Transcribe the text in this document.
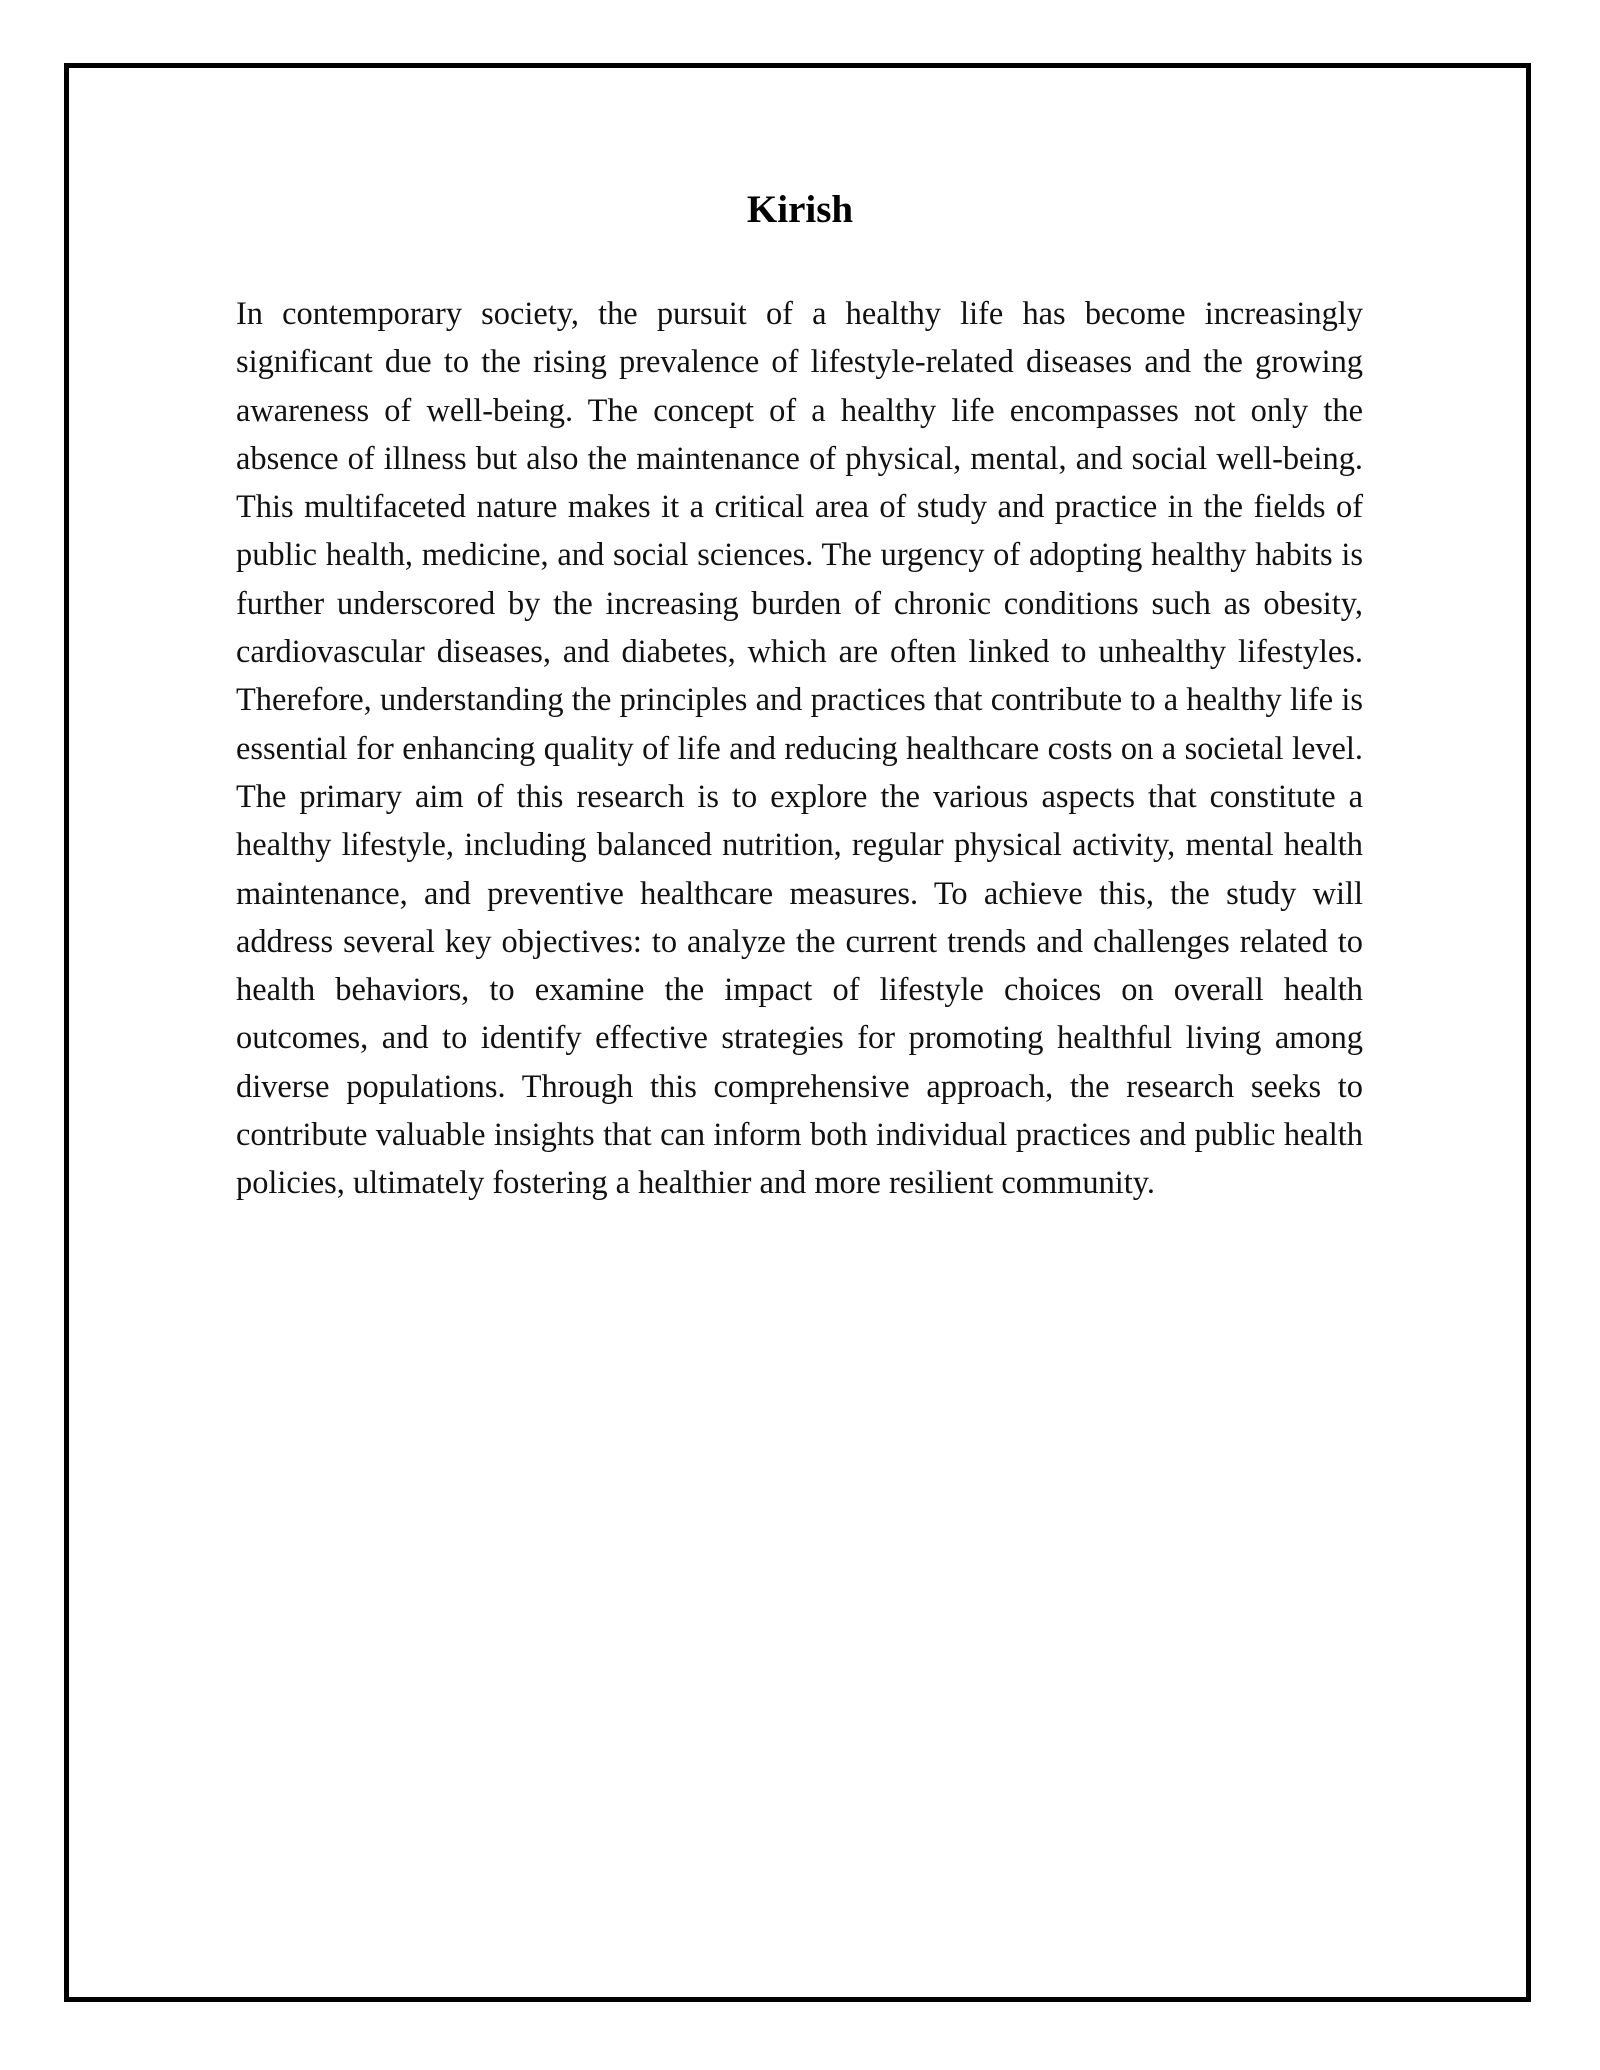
Kirish

In contemporary society, the pursuit of a healthy life has become increasingly significant due to the rising prevalence of lifestyle-related diseases and the growing awareness of well-being. The concept of a healthy life encompasses not only the absence of illness but also the maintenance of physical, mental, and social well-being. This multifaceted nature makes it a critical area of study and practice in the fields of public health, medicine, and social sciences. The urgency of adopting healthy habits is further underscored by the increasing burden of chronic conditions such as obesity, cardiovascular diseases, and diabetes, which are often linked to unhealthy lifestyles. Therefore, understanding the principles and practices that contribute to a healthy life is essential for enhancing quality of life and reducing healthcare costs on a societal level. The primary aim of this research is to explore the various aspects that constitute a healthy lifestyle, including balanced nutrition, regular physical activity, mental health maintenance, and preventive healthcare measures. To achieve this, the study will address several key objectives: to analyze the current trends and challenges related to health behaviors, to examine the impact of lifestyle choices on overall health outcomes, and to identify effective strategies for promoting healthful living among diverse populations. Through this comprehensive approach, the research seeks to contribute valuable insights that can inform both individual practices and public health policies, ultimately fostering a healthier and more resilient community.
